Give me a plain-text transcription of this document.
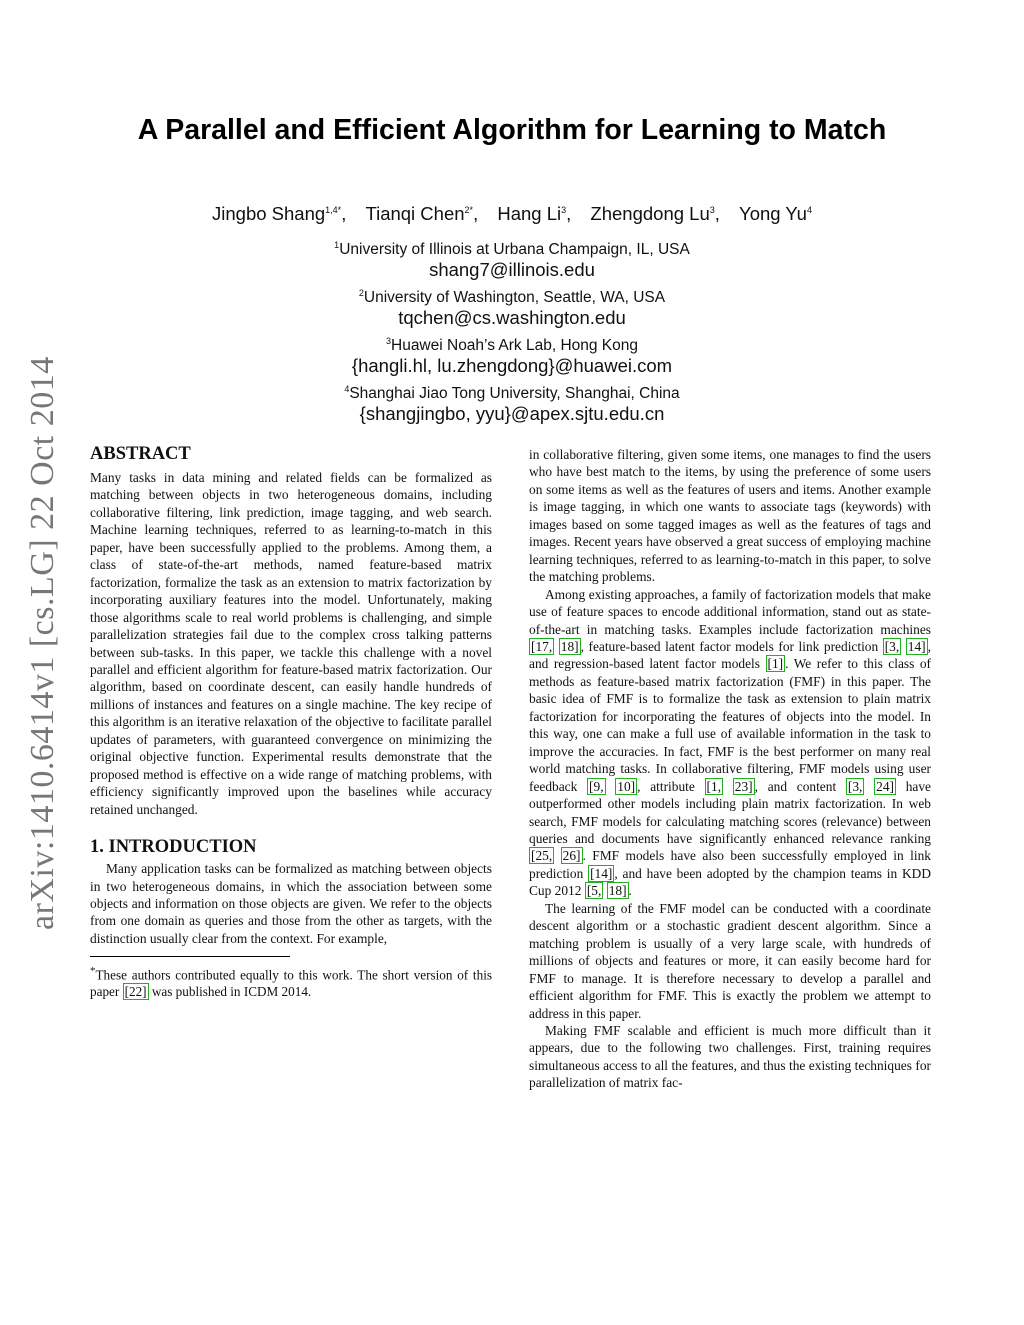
arXiv:1410.6414v1 [cs.LG] 22 Oct 2014
A Parallel and Efficient Algorithm for Learning to Match
Jingbo Shang$^{1,4*}$, Tianqi Chen$^{2*}$, Hang Li$^3$, Zhengdong Lu$^3$, Yong Yu$^4$
$^1$University of Illinois at Urbana Champaign, IL, USA
shang7@illinois.edu
$^2$University of Washington, Seattle, WA, USA
tqchen@cs.washington.edu
$^3$Huawei Noah’s Ark Lab, Hong Kong
{hangli.hl, lu.zhengdong}@huawei.com
$^4$Shanghai Jiao Tong University, Shanghai, China
{shangjingbo, yyu}@apex.sjtu.edu.cn
ABSTRACT

Many tasks in data mining and related fields can be formalized as matching between objects in two heterogeneous domains, including collaborative filtering, link prediction, image tagging, and web search. Machine learning techniques, referred to as learning-to-match in this paper, have been successfully applied to the problems. Among them, a class of state-of-the-art methods, named feature-based matrix factorization, formalize the task as an extension to matrix factorization by incorporating auxiliary features into the model. Unfortunately, making those algorithms scale to real world problems is challenging, and simple parallelization strategies fail due to the complex cross talking patterns between sub-tasks. In this paper, we tackle this challenge with a novel parallel and efficient algorithm for feature-based matrix factorization. Our algorithm, based on coordinate descent, can easily handle hundreds of millions of instances and features on a single machine. The key recipe of this algorithm is an iterative relaxation of the objective to facilitate parallel updates of parameters, with guaranteed convergence on minimizing the original objective function. Experimental results demonstrate that the proposed method is effective on a wide range of matching problems, with efficiency significantly improved upon the baselines while accuracy retained unchanged.

1. INTRODUCTION

Many application tasks can be formalized as matching between objects in two heterogeneous domains, in which the association between some objects and information on those objects are given. We refer to the objects from one domain as queries and those from the other as targets, with the distinction usually clear from the context. For example,

*These authors contributed equally to this work. The short version of this paper [22] was published in ICDM 2014.

in collaborative filtering, given some items, one manages to find the users who have best match to the items, by using the preference of some users on some items as well as the features of users and items. Another example is image tagging, in which one wants to associate tags (keywords) with images based on some tagged images as well as the features of tags and images. Recent years have observed a great success of employing machine learning techniques, referred to as learning-to-match in this paper, to solve the matching problems.

Among existing approaches, a family of factorization models that make use of feature spaces to encode additional information, stand out as state-of-the-art in matching tasks. Examples include factorization machines [17, 18] , feature-based latent factor models for link prediction [3, 14] , and regression-based latent factor models [1] . We refer to this class of methods as feature-based matrix factorization (FMF) in this paper. The basic idea of FMF is to formalize the task as extension to plain matrix factorization for incorporating the features of objects into the model. In this way, one can make a full use of available information in the task to improve the accuracies. In fact, FMF is the best performer on many real world matching tasks. In collaborative filtering, FMF models using user feedback [9, 10] , attribute [1, 23] , and content [3, 24] have outperformed other models including plain matrix factorization. In web search, FMF models for calculating matching scores (relevance) between queries and documents have significantly enhanced relevance ranking [25, 26] . FMF models have also been successfully employed in link prediction [14] , and have been adopted by the champion teams in KDD Cup 2012 [5, 18] .

The learning of the FMF model can be conducted with a coordinate descent algorithm or a stochastic gradient descent algorithm. Since a matching problem is usually of a very large scale, with hundreds of millions of objects and features or more, it can easily become hard for FMF to manage. It is therefore necessary to develop a parallel and efficient algorithm for FMF. This is exactly the problem we attempt to address in this paper.

Making FMF scalable and efficient is much more difficult than it appears, due to the following two challenges. First, training requires simultaneous access to all the features, and thus the existing techniques for parallelization of matrix fac-
